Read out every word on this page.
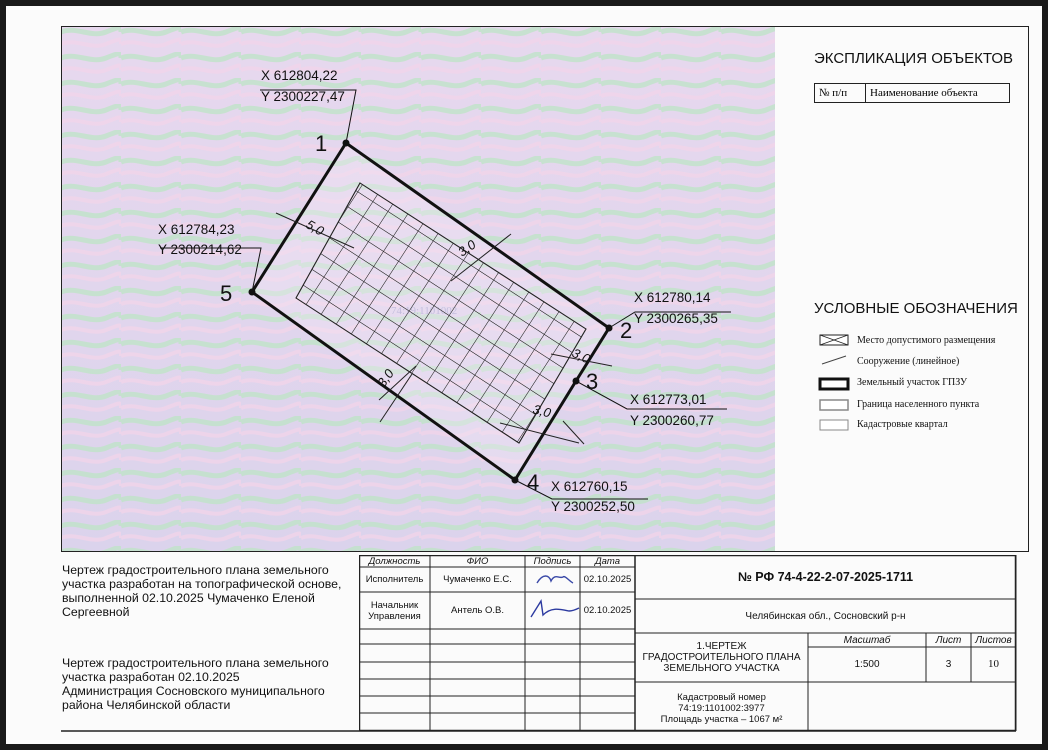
5,0
3,0
3,0
3,0
3,0
1
2
3
4
5
X 612804,22
Y 2300227,47
X 612780,14
Y 2300265,35
X 612773,01
Y 2300260,77
X 612760,15
Y 2300252,50
X 612784,23
Y 2300214,62
ЭКСПЛИКАЦИЯ ОБЪЕКТОВ
№ п/п	Наименование объекта
УСЛОВНЫЕ ОБОЗНАЧЕНИЯ
Место допустимого размещения
Сооружение (линейное)
Земельный участок ГПЗУ
Граница населенного пункта
Кадастровые квартал
Чертеж градостроительного плана земельного
участка разработан на топографической основе,
выполненной 02.10.2025 Чумаченко Еленой
Сергеевной
Чертеж градостроительного плана земельного
участка разработан 02.10.2025
Администрация Сосновского муниципального
района Челябинской области
Должность	ФИО	Подпись	Дата
Исполнитель	Чумаченко Е.С.	02.10.2025
Начальник Управления	Антель О.В.	02.10.2025
№ РФ 74-4-22-2-07-2025-1711
Челябинская обл., Сосновский р-н
1.ЧЕРТЕЖ ГРАДОСТРОИТЕЛЬНОГО ПЛАНА ЗЕМЕЛЬНОГО УЧАСТКА
Масштаб	Лист	Листов
1:500	3	10
Кадастровый номер
74:19:1101002:3977
Площадь участка – 1067 м²
